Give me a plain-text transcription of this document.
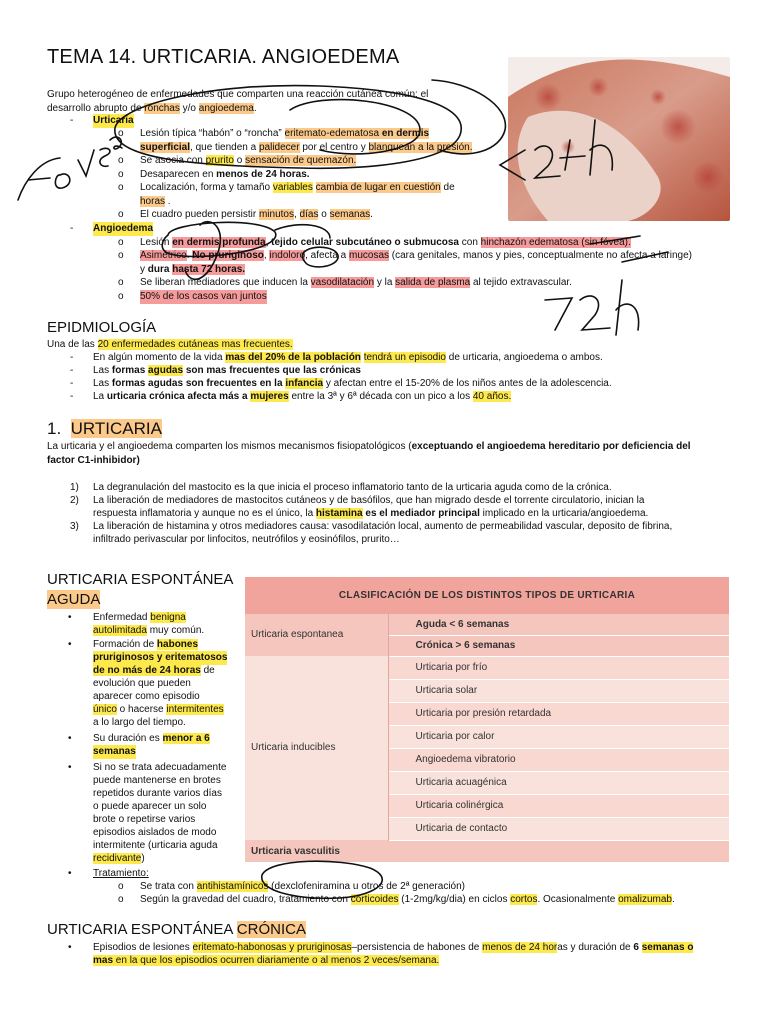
TEMA 14. URTICARIA. ANGIOEDEMA
Grupo heterogéneo de enfermedades que comparten una reacción cutánea común: el
desarrollo abrupto de ronchas y/o angioedema.
- Urticaria
o Lesión típica “habón” o “roncha” eritemato-edematosa en dermis
superficial, que tienden a palidecer por el centro y blanquean a la presión.
o Se asocia con prurito o sensación de quemazón.
o Desaparecen en menos de 24 horas.
o Localización, forma y tamaño variables cambia de lugar en cuestión de
horas .
o El cuadro pueden persistir minutos, días o semanas.
- Angioedema
o Lesión en dermis profunda, tejido celular subcutáneo o submucosa con hinchazón edematosa (sin fóvea).
o Asimétrico. No pruriginoso, indoloro, afecta a mucosas (cara genitales, manos y pies, conceptualmente no afecta a laringe)
y dura hasta 72 horas.
o Se liberan mediadores que inducen la vasodilatación y la salida de plasma al tejido extravascular.
o 50% de los casos van juntos
EPIDMIOLOGÍA
Una de las 20 enfermedades cutáneas mas frecuentes.
- En algún momento de la vida mas del 20% de la población tendrá un episodio de urticaria, angioedema o ambos.
- Las formas agudas son mas frecuentes que las crónicas
- Las formas agudas son frecuentes en la infancia y afectan entre el 15-20% de los niños antes de la adolescencia.
- La urticaria crónica afecta más a mujeres entre la 3ª y 6ª década con un pico a los 40 años.
1. URTICARIA
La urticaria y el angioedema comparten los mismos mecanismos fisiopatológicos (exceptuando el angioedema hereditario por deficiencia del
factor C1-inhibidor)
1) La degranulación del mastocito es la que inicia el proceso inflamatorio tanto de la urticaria aguda como de la crónica.
2) La liberación de mediadores de mastocitos cutáneos y de basófilos, que han migrado desde el torrente circulatorio, inician la
respuesta inflamatoria y aunque no es el único, la histamina es el mediador principal implicado en la urticaria/angioedema.
3) La liberación de histamina y otros mediadores causa: vasodilatación local, aumento de permeabilidad vascular, deposito de fibrina,
infiltrado perivascular por linfocitos, neutrófilos y eosinófilos, prurito…
URTICARIA ESPONTÁNEA
AGUDA
• Enfermedad benigna
autolimitada muy común.
• Formación de habones
pruriginosos y eritematosos
de no más de 24 horas de
evolución que pueden
aparecer como episodio
único o hacerse intermitentes
a lo largo del tiempo.
• Su duración es menor a 6
semanas
• Si no se trata adecuadamente
puede mantenerse en brotes
repetidos durante varios días
o puede aparecer un solo
brote o repetirse varios
episodios aislados de modo
intermitente (urticaria aguda
recidivante)
• Tratamiento:
o Se trata con antihistamínicos (dexclofeniramina u otros de 2ª generación)
o Según la gravedad del cuadro, tratamiento con corticoides (1-2mg/kg/dia) en ciclos cortos. Ocasionalmente omalizumab.
CLASIFICACIÓN DE LOS DISTINTOS TIPOS DE URTICARIA	
Urticaria espontanea	Aguda < 6 semanas
	Crónica > 6 semanas
Urticaria inducibles	Urticaria por frío
	Urticaria solar
	Urticaria por presión retardada
	Urticaria por calor
	Angioedema vibratorio
	Urticaria acuagénica
	Urticaria colinérgica
	Urticaria de contacto
Urticaria vasculitis	
URTICARIA ESPONTÁNEA CRÓNICA
• Episodios de lesiones eritemato-habonosas y pruriginosas–persistencia de habones de menos de 24 horas y duración de 6 semanas o
mas en la que los episodios ocurren diariamente o al menos 2 veces/semana.
